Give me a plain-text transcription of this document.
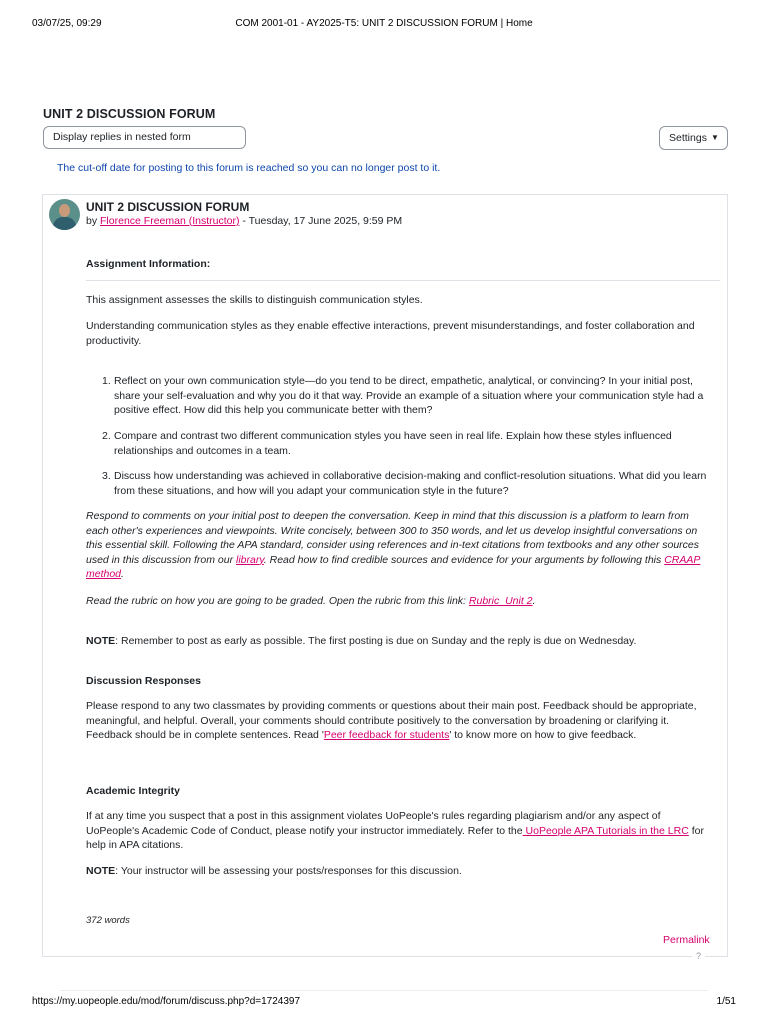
03/07/25, 09:29	COM 2001-01 - AY2025-T5: UNIT 2 DISCUSSION FORUM | Home
UNIT 2 DISCUSSION FORUM
Display replies in nested form	Settings ▼
The cut-off date for posting to this forum is reached so you can no longer post to it.
UNIT 2 DISCUSSION FORUM
by Florence Freeman (Instructor) - Tuesday, 17 June 2025, 9:59 PM
Assignment Information:
This assignment assesses the skills to distinguish communication styles.
Understanding communication styles as they enable effective interactions, prevent misunderstandings, and foster collaboration and productivity.
1. Reflect on your own communication style—do you tend to be direct, empathetic, analytical, or convincing? In your initial post, share your self-evaluation and why you do it that way. Provide an example of a situation where your communication style had a positive effect. How did this help you communicate better with them?
2. Compare and contrast two different communication styles you have seen in real life. Explain how these styles influenced relationships and outcomes in a team.
3. Discuss how understanding was achieved in collaborative decision-making and conflict-resolution situations. What did you learn from these situations, and how will you adapt your communication style in the future?
Respond to comments on your initial post to deepen the conversation. Keep in mind that this discussion is a platform to learn from each other's experiences and viewpoints. Write concisely, between 300 to 350 words, and let us develop insightful conversations on this essential skill. Following the APA standard, consider using references and in-text citations from textbooks and any other sources used in this discussion from our library. Read how to find credible sources and evidence for your arguments by following this CRAAP method.
Read the rubric on how you are going to be graded. Open the rubric from this link: Rubric_Unit 2.
NOTE: Remember to post as early as possible. The first posting is due on Sunday and the reply is due on Wednesday.
Discussion Responses
Please respond to any two classmates by providing comments or questions about their main post. Feedback should be appropriate, meaningful, and helpful. Overall, your comments should contribute positively to the conversation by broadening or clarifying it. Feedback should be in complete sentences. Read 'Peer feedback for students' to know more on how to give feedback.
Academic Integrity
If at any time you suspect that a post in this assignment violates UoPeople's rules regarding plagiarism and/or any aspect of UoPeople's Academic Code of Conduct, please notify your instructor immediately. Refer to the UoPeople APA Tutorials in the LRC for help in APA citations.
NOTE: Your instructor will be assessing your posts/responses for this discussion.
372 words
Permalink
?
https://my.uopeople.edu/mod/forum/discuss.php?d=1724397	1/51
